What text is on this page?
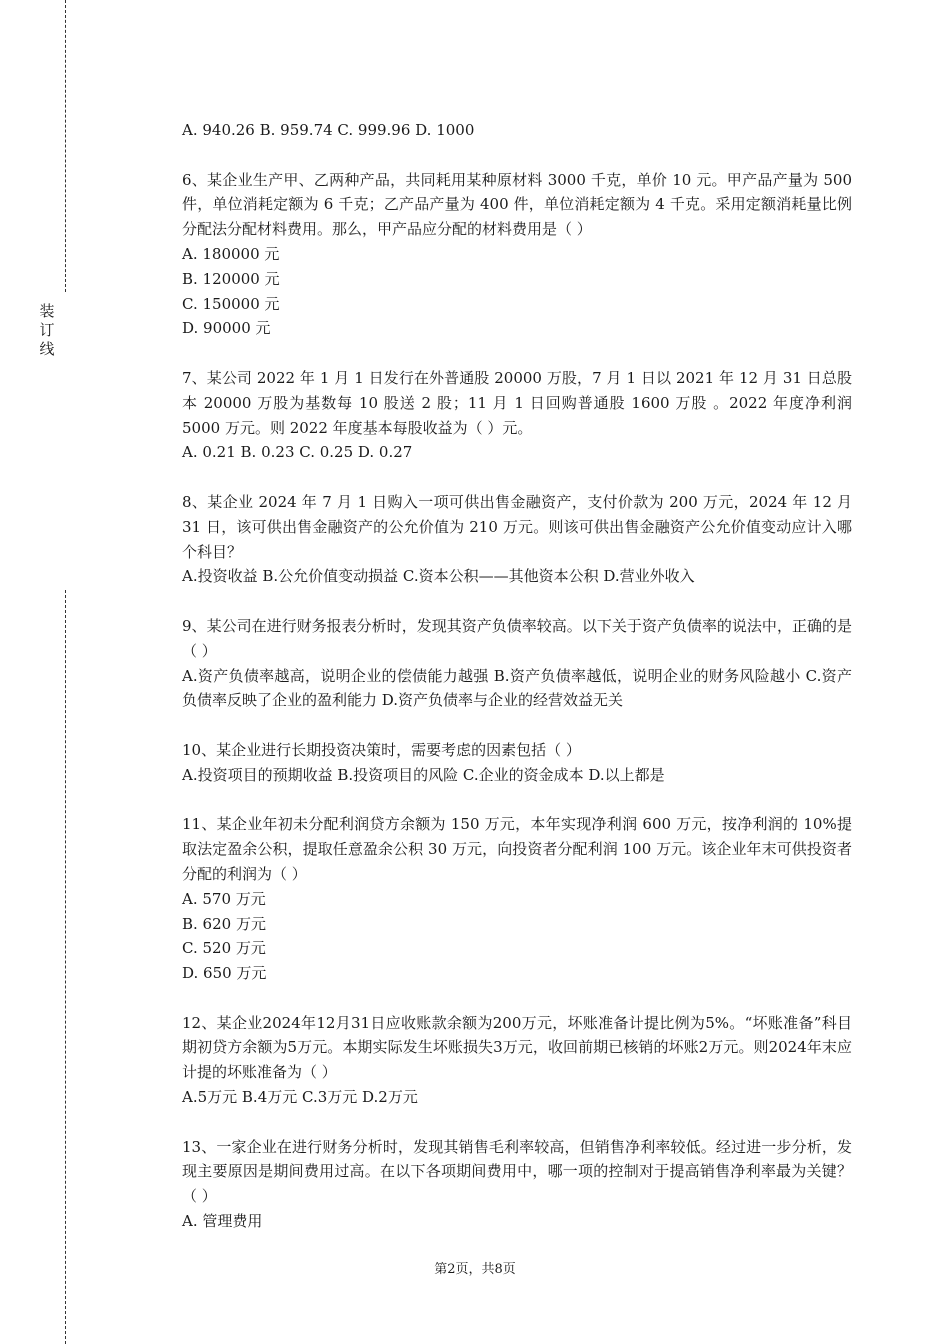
装订线

A. 940.26 B. 959.74 C. 999.96 D. 1000

6、某企业生产甲、乙两种产品，共同耗用某种原材料 3000 千克，单价 10 元。甲产品产量为 500 件，单位消耗定额为 6 千克；乙产品产量为 400 件，单位消耗定额为 4 千克。采用定额消耗量比例分配法分配材料费用。那么，甲产品应分配的材料费用是（ ）

A. 180000 元

B. 120000 元

C. 150000 元

D. 90000 元

7、某公司 2022 年 1 月 1 日发行在外普通股 20000 万股，7 月 1 日以 2021 年 12 月 31 日总股本 20000 万股为基数每 10 股送 2 股；11 月 1 日回购普通股 1600 万股 。2022 年度净利润 5000 万元。则 2022 年度基本每股收益为（ ）元。

A. 0.21 B. 0.23 C. 0.25 D. 0.27

8、某企业 2024 年 7 月 1 日购入一项可供出售金融资产，支付价款为 200 万元，2024 年 12 月 31 日，该可供出售金融资产的公允价值为 210 万元。则该可供出售金融资产公允价值变动应计入哪个科目？

A.投资收益 B.公允价值变动损益 C.资本公积——其他资本公积 D.营业外收入

9、某公司在进行财务报表分析时，发现其资产负债率较高。以下关于资产负债率的说法中，正确的是（ ）

A.资产负债率越高，说明企业的偿债能力越强 B.资产负债率越低，说明企业的财务风险越小 C.资产负债率反映了企业的盈利能力 D.资产负债率与企业的经营效益无关

10、某企业进行长期投资决策时，需要考虑的因素包括（ ）

A.投资项目的预期收益 B.投资项目的风险 C.企业的资金成本 D.以上都是

11、某企业年初未分配利润贷方余额为 150 万元，本年实现净利润 600 万元，按净利润的 10%提取法定盈余公积，提取任意盈余公积 30 万元，向投资者分配利润 100 万元。该企业年末可供投资者分配的利润为（ ）

A. 570 万元

B. 620 万元

C. 520 万元

D. 650 万元

12、某企业2024年12月31日应收账款余额为200万元，坏账准备计提比例为5%。“坏账准备”科目期初贷方余额为5万元。本期实际发生坏账损失3万元，收回前期已核销的坏账2万元。则2024年末应计提的坏账准备为（ ）

A.5万元 B.4万元 C.3万元 D.2万元

13、一家企业在进行财务分析时，发现其销售毛利率较高，但销售净利率较低。经过进一步分析，发现主要原因是期间费用过高。在以下各项期间费用中，哪一项的控制对于提高销售净利率最为关键？（ ）

A. 管理费用

第2页，共8页
